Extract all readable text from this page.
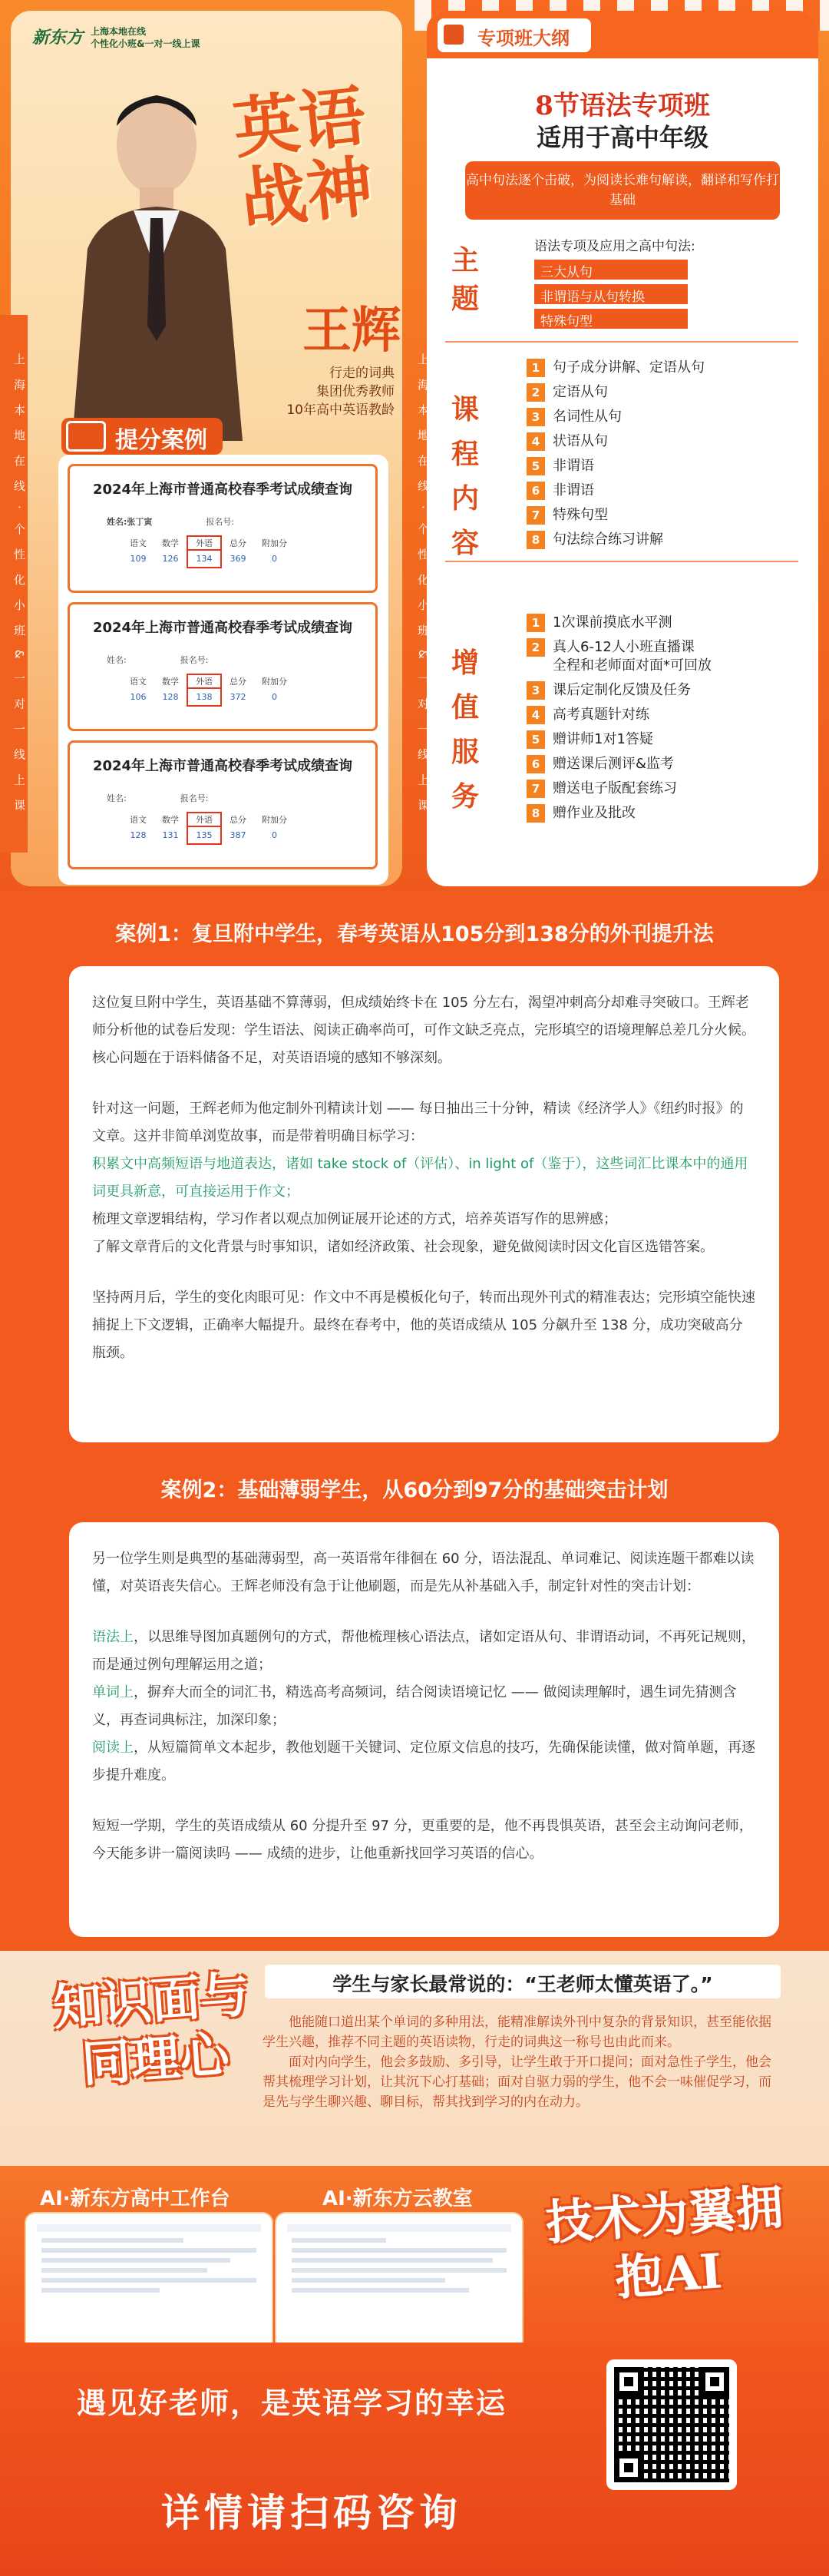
新东方 上海本地在线
个性化小班&一对一线上课
英语战神
王辉
行走的词典
集团优秀教师
10年高中英语教龄
提分案例
2024年上海市普通高校春季考试成绩查询
姓名:张丁寅	报名号:
语文	数学	外语	总分	附加分
109	126	134	369	0
2024年上海市普通高校春季考试成绩查询
姓名:	报名号:
语文	数学	外语	总分	附加分
106	128	138	372	0
2024年上海市普通高校春季考试成绩查询
姓名:	报名号:
语文	数学	外语	总分	附加分
128	131	135	387	0
上海本地在线·个性化小班&一对一线上课
专项班大纲
8节语法专项班
适用于高中年级
高中句法逐个击破，为阅读长难句解读，翻译和写作打基础
主题
语法专项及应用之高中句法:
三大从句
非谓语与从句转换
特殊句型
课程内容
1 句子成分讲解、定语从句
2 定语从句
3 名词性从句
4 状语从句
5 非谓语
6 非谓语
7 特殊句型
8 句法综合练习讲解
增值服务
1 1次课前摸底水平测
2 真人6-12人小班直播课
全程和老师面对面*可回放
3 课后定制化反馈及任务
4 高考真题针对练
5 赠讲师1对1答疑
6 赠送课后测评&监考
7 赠送电子版配套练习
8 赠作业及批改
上海本地在线·个性化小班&一对一线上课
案例1：复旦附中学生，春考英语从105分到138分的外刊提升法

这位复旦附中学生，英语基础不算薄弱，但成绩始终卡在 105 分左右，渴望冲刺高分却难寻突破口。王辉老师分析他的试卷后发现：学生语法、阅读正确率尚可，可作文缺乏亮点，完形填空的语境理解总差几分火候。核心问题在于语料储备不足，对英语语境的感知不够深刻。

针对这一问题，王辉老师为他定制外刊精读计划 —— 每日抽出三十分钟，精读《经济学人》《纽约时报》的文章。这并非简单浏览故事，而是带着明确目标学习：

积累文中高频短语与地道表达，诸如 take stock of（评估）、in light of（鉴于），这些词汇比课本中的通用词更具新意，可直接运用于作文；

梳理文章逻辑结构，学习作者以观点加例证展开论述的方式，培养英语写作的思辨感；

了解文章背后的文化背景与时事知识，诸如经济政策、社会现象，避免做阅读时因文化盲区选错答案。

坚持两月后，学生的变化肉眼可见：作文中不再是模板化句子，转而出现外刊式的精准表达；完形填空能快速捕捉上下文逻辑，正确率大幅提升。最终在春考中，他的英语成绩从 105 分飙升至 138 分，成功突破高分瓶颈。

案例2：基础薄弱学生，从60分到97分的基础突击计划

另一位学生则是典型的基础薄弱型，高一英语常年徘徊在 60 分，语法混乱、单词难记、阅读连题干都难以读懂，对英语丧失信心。王辉老师没有急于让他刷题，而是先从补基础入手，制定针对性的突击计划：

语法上，以思维导图加真题例句的方式，帮他梳理核心语法点，诸如定语从句、非谓语动词，不再死记规则，而是通过例句理解运用之道；

单词上，摒弃大而全的词汇书，精选高考高频词，结合阅读语境记忆 —— 做阅读理解时，遇生词先猜测含义，再查词典标注，加深印象；

阅读上，从短篇简单文本起步，教他划题干关键词、定位原文信息的技巧，先确保能读懂，做对简单题，再逐步提升难度。

短短一学期，学生的英语成绩从 60 分提升至 97 分，更重要的是，他不再畏惧英语，甚至会主动询问老师，今天能多讲一篇阅读吗 —— 成绩的进步，让他重新找回学习英语的信心。

知识面与同理心
学生与家长最常说的：“王老师太懂英语了。”

他能随口道出某个单词的多种用法，能精准解读外刊中复杂的背景知识，甚至能依据学生兴趣，推荐不同主题的英语读物，行走的词典这一称号也由此而来。

面对内向学生，他会多鼓励、多引导，让学生敢于开口提问；面对急性子学生，他会帮其梳理学习计划，让其沉下心打基础；面对自驱力弱的学生，他不会一味催促学习，而是先与学生聊兴趣、聊目标，帮其找到学习的内在动力。

AI·新东方高中工作台	AI·新东方云教室 技术为翼拥抱AI
遇见好老师，是英语学习的幸运
详情请扫码咨询
